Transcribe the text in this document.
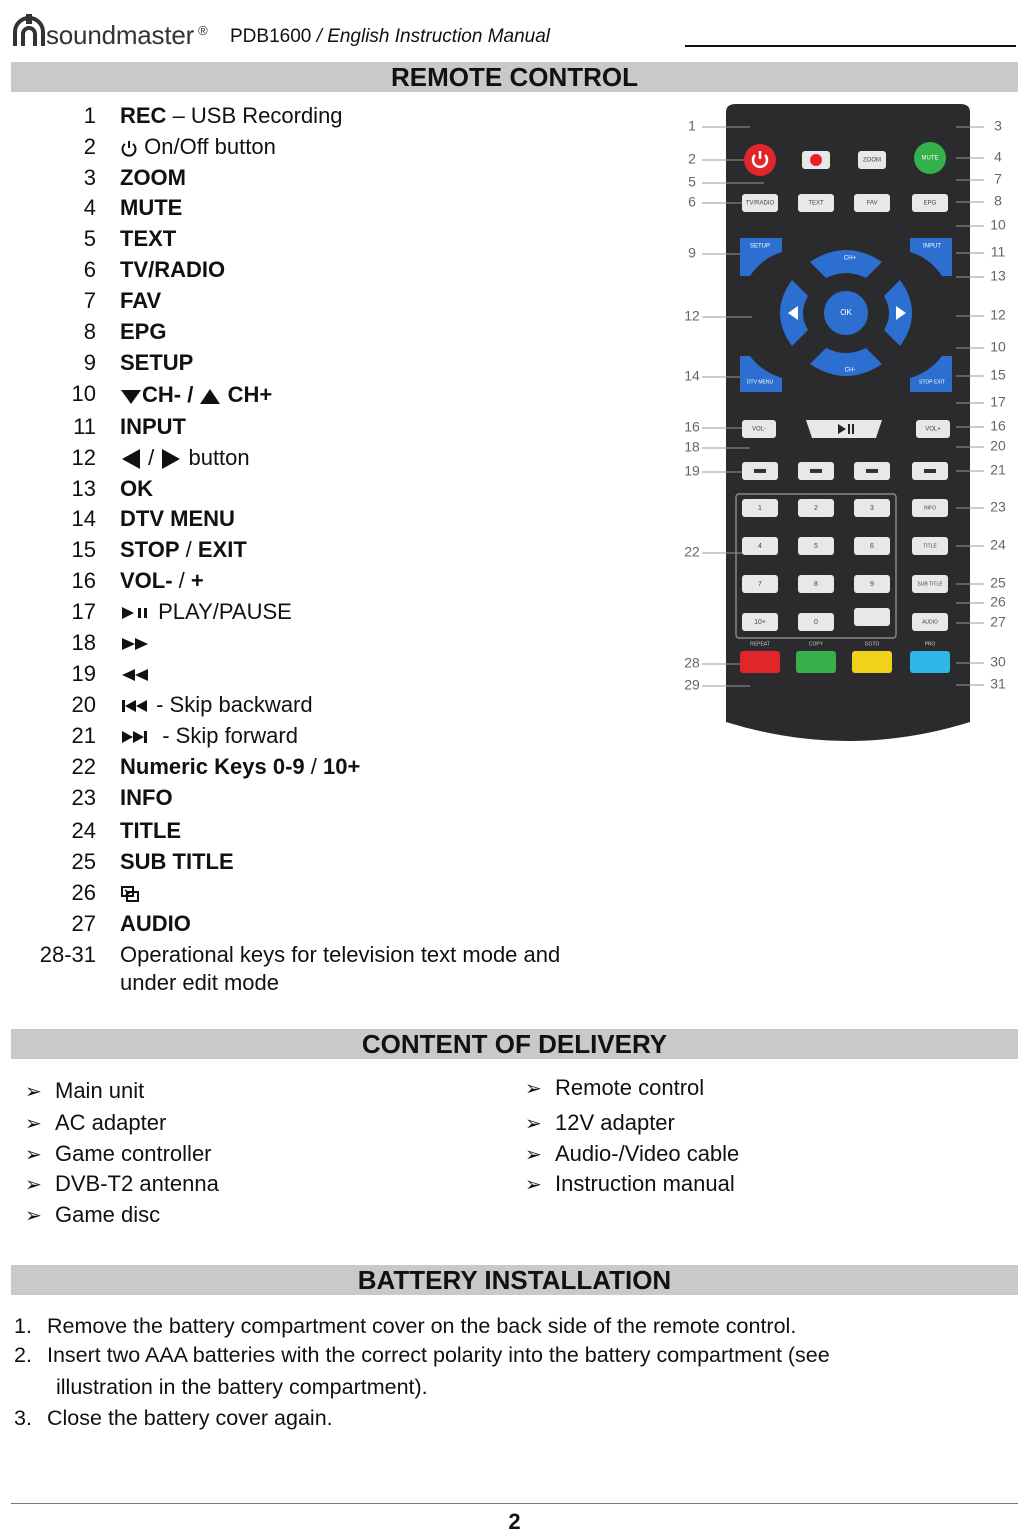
soundmaster ® PDB1600 / English Instruction Manual
REMOTE CONTROL
1 REC – USB Recording
2	On/Off button
3 ZOOM
4 MUTE
5 TEXT
6 TV/RADIO
7 FAV
8 EPG
9 SETUP
10	CH- /  CH+
11 INPUT
12	/  button
13 OK
14 DTV MENU
15 STOP / EXIT
16 VOL- / +
17	PLAY/PAUSE
18
19
20	- Skip backward
21	- Skip forward
22 Numeric Keys 0-9 / 10+
23 INFO
24 TITLE
25 SUB TITLE
26
27 AUDIO
28-31 Operational keys for television text mode and
under edit mode
1
2
5
6
9
12
14
16
18
19
22
28
29
3
4
7
8
10
11
13
12
10
15
17
16
20
21
23
24
25
26
27
30
31
ZOOM	MUTE
TV/RADIO	TEXT	FAV	EPG
SETUP	INPUT
CH+
CH-
OK
DTV MENU	STOP EXIT
VOL-	VOL+
1	2	3
4	5	6
7	8	9
10+	0
INFO
TITLE
SUB TITLE
AUDIO
REPEAT	COPY	GOTO	PRO
CONTENT OF DELIVERY
➢ Main unit
➢ AC adapter
➢ Game controller
➢ DVB-T2 antenna
➢ Game disc
➢ Remote control
➢ 12V adapter
➢ Audio-/Video cable
➢ Instruction manual
BATTERY INSTALLATION
1. Remove the battery compartment cover on the back side of the remote control.
2. Insert two AAA batteries with the correct polarity into the battery compartment (see
illustration in the battery compartment).
3. Close the battery cover again.
2
